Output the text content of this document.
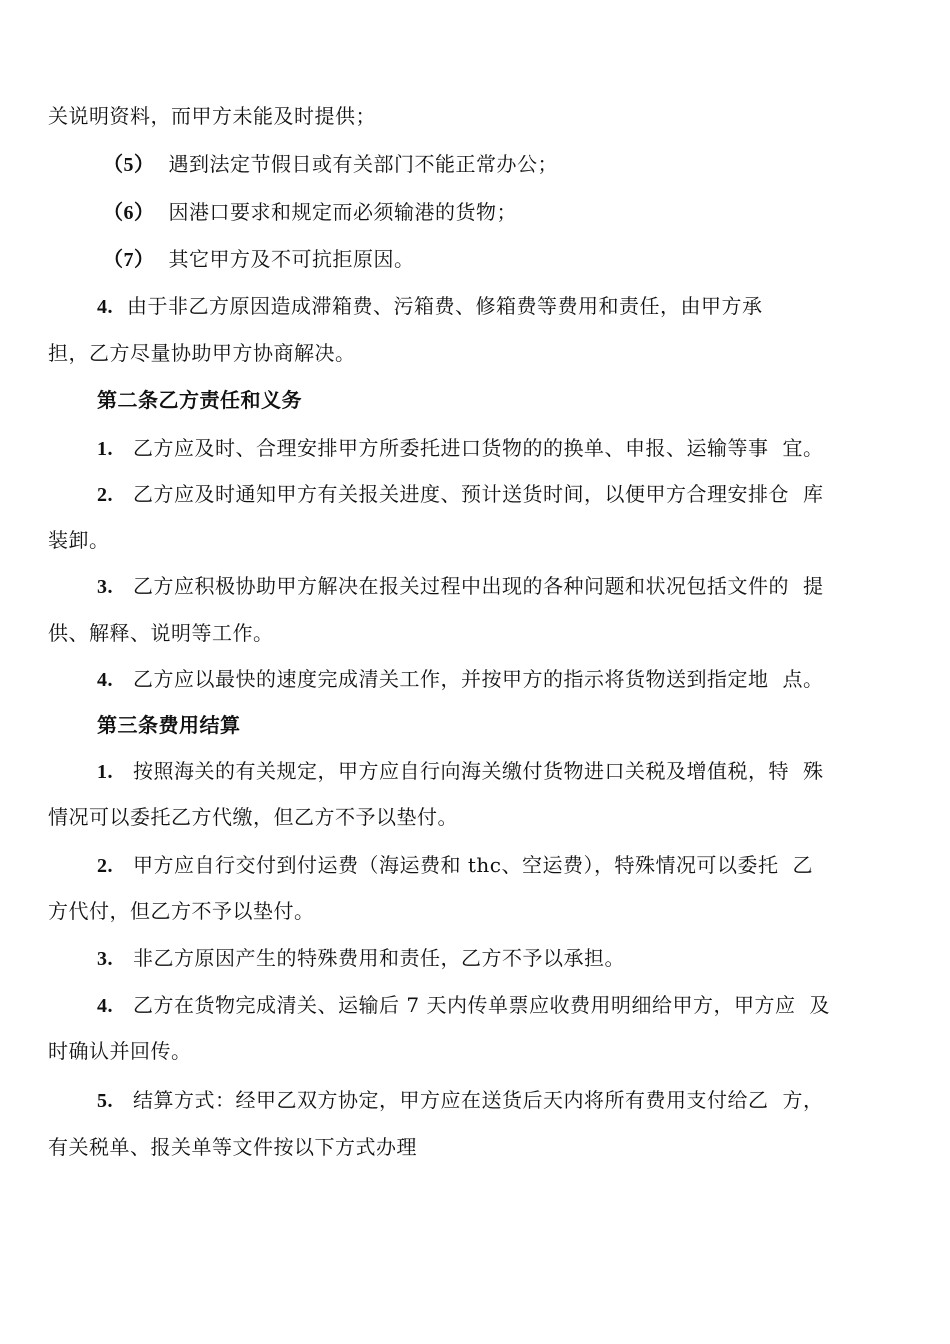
关说明资料，而甲方未能及时提供；
（5） 遇到法定节假日或有关部门不能正常办公；
（6） 因港口要求和规定而必须输港的货物；
（7） 其它甲方及不可抗拒原因。
4. 由于非乙方原因造成滞箱费、污箱费、修箱费等费用和责任，由甲方承
担，乙方尽量协助甲方协商解决。
第二条乙方责任和义务
1. 乙方应及时、合理安排甲方所委托进口货物的的换单、申报、运输等事 宜。
2. 乙方应及时通知甲方有关报关进度、预计送货时间，以便甲方合理安排仓 库
装卸。
3. 乙方应积极协助甲方解决在报关过程中出现的各种问题和状况包括文件的 提
供、解释、说明等工作。
4. 乙方应以最快的速度完成清关工作，并按甲方的指示将货物送到指定地 点。
第三条费用结算
1. 按照海关的有关规定，甲方应自行向海关缴付货物进口关税及增值税，特 殊
情况可以委托乙方代缴，但乙方不予以垫付。
2. 甲方应自行交付到付运费（海运费和 thc、空运费），特殊情况可以委托 乙
方代付，但乙方不予以垫付。
3. 非乙方原因产生的特殊费用和责任，乙方不予以承担。
4. 乙方在货物完成清关、运输后 7 天内传单票应收费用明细给甲方，甲方应 及
时确认并回传。
5. 结算方式：经甲乙双方协定，甲方应在送货后天内将所有费用支付给乙 方，
有关税单、报关单等文件按以下方式办理
